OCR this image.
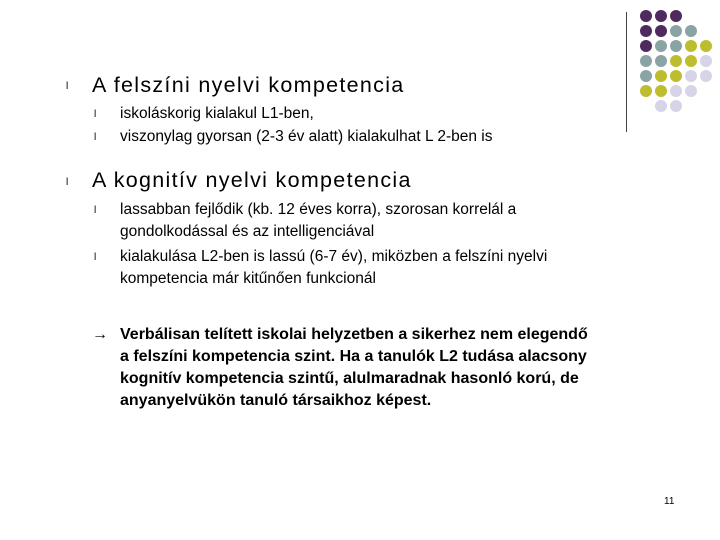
l A felszíni nyelvi kompetencia
l iskoláskorig kialakul L1-ben,
l viszonylag gyorsan (2-3 év alatt) kialakulhat L 2-ben is
l A kognitív nyelvi kompetencia
l lassabban fejlődik (kb. 12 éves korra), szorosan korrelál a gondolkodással és az intelligenciával
l kialakulása L2-ben is lassú (6-7 év), miközben a felszíni nyelvi kompetencia már kitűnően funkcionál
→ Verbálisan telített iskolai helyzetben a sikerhez nem elegendő a felszíni kompetencia szint. Ha a tanulók L2 tudása alacsony kognitív kompetencia szintű, alulmaradnak hasonló korú, de anyanyelvükön tanuló társaikhoz képest.
11
